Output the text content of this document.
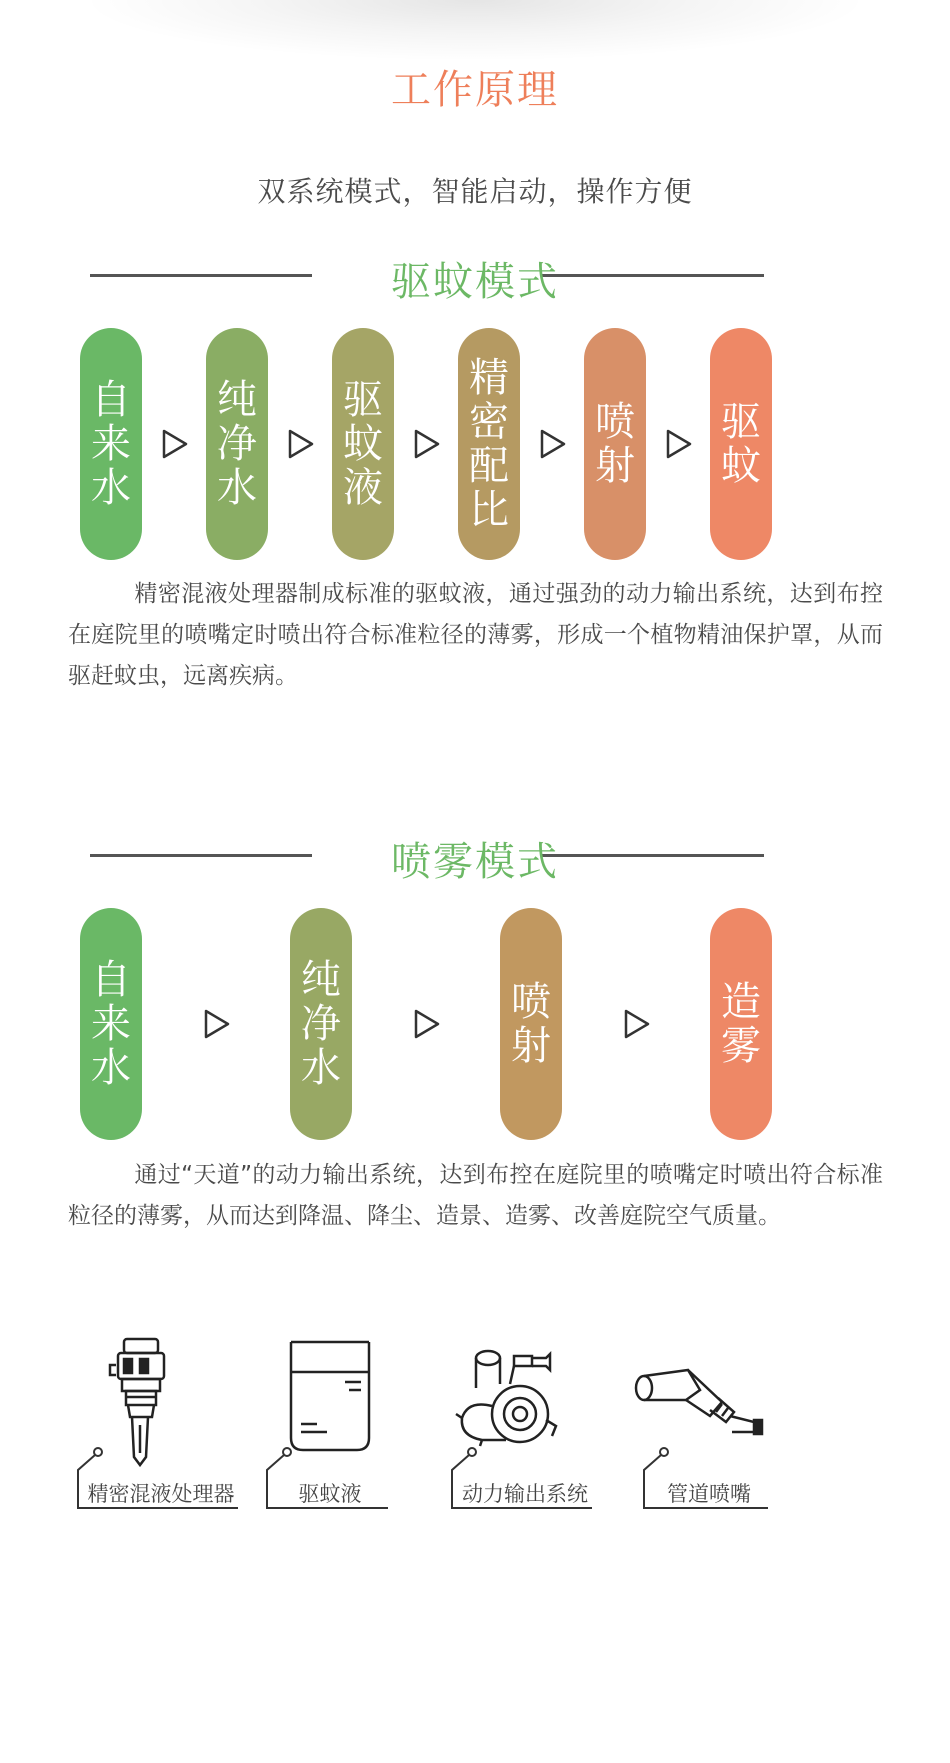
工作原理
双系统模式，智能启动，操作方便
驱蚊模式
自
来
水
纯
净
水
驱
蚊
液
精
密
配
比
喷
射
驱
蚊
精密混液处理器制成标准的驱蚊液，通过强劲的动力输出系统，达到布控在庭院里的喷嘴定时喷出符合标准粒径的薄雾，形成一个植物精油保护罩，从而驱赶蚊虫，远离疾病。
喷雾模式
自
来
水
纯
净
水
喷
射
造
雾
通过“天道”的动力输出系统，达到布控在庭院里的喷嘴定时喷出符合标准粒径的薄雾，从而达到降温、降尘、造景、造雾、改善庭院空气质量。
精密混液处理器	驱蚊液	动力输出系统	管道喷嘴
